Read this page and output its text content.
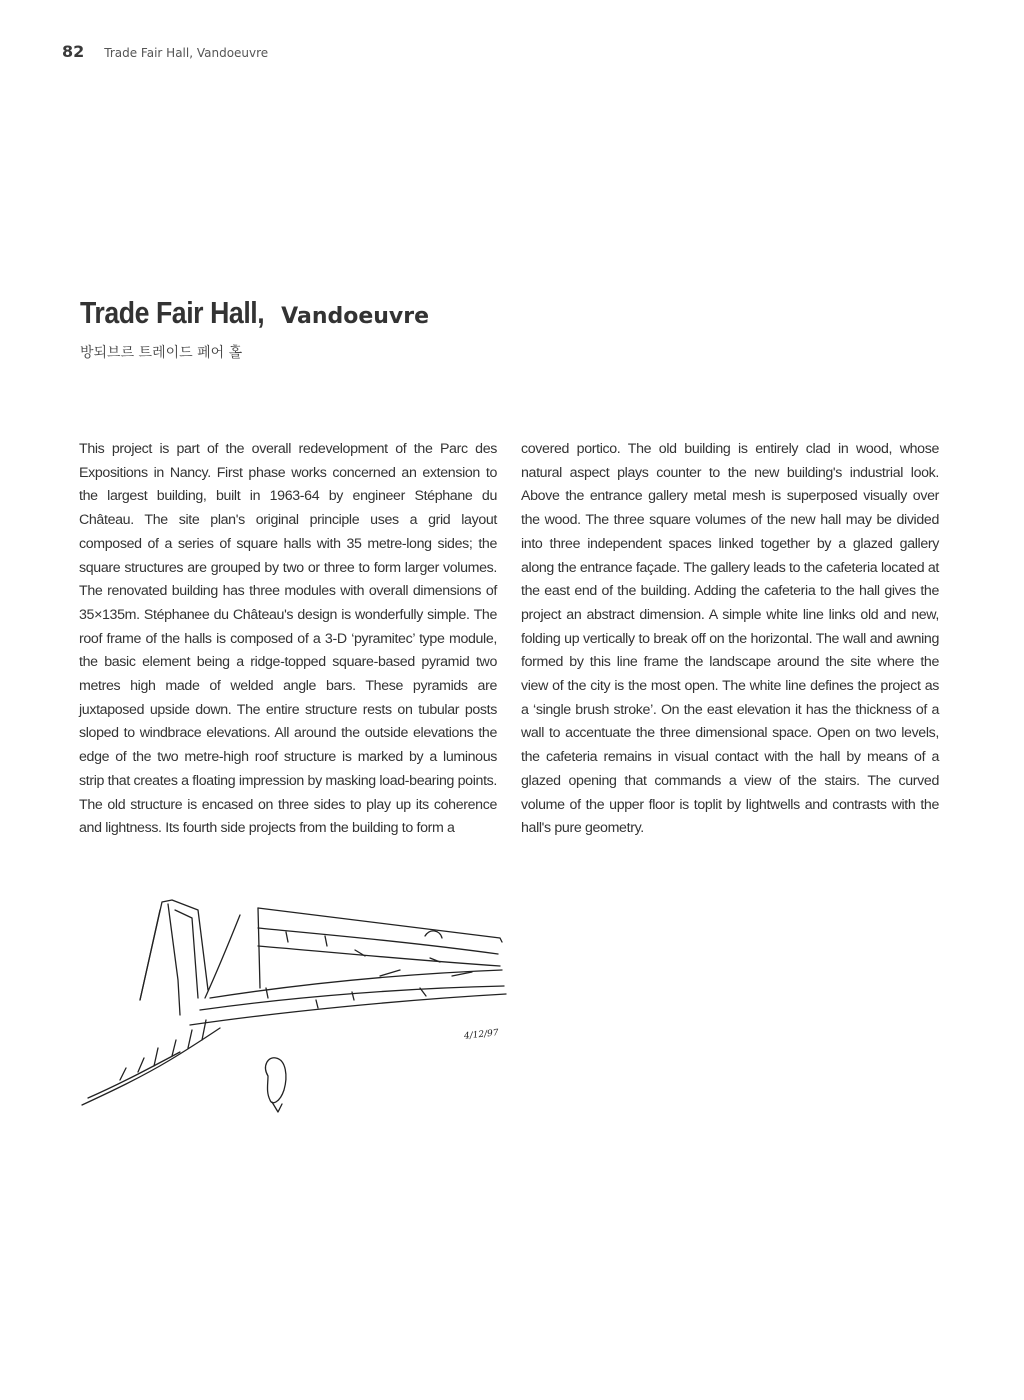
82 Trade Fair Hall, Vandoeuvre
Trade Fair Hall, Vandoeuvre
방되브르 트레이드 페어 홀

This project is part of the overall redevelopment of the Parc des Expositions in Nancy. First phase works concerned an extension to the largest building, built in 1963-64 by engineer Stéphane du Château. The site plan's original principle uses a grid layout composed of a series of square halls with 35 metre-long sides; the square structures are grouped by two or three to form larger volumes. The renovated building has three modules with overall dimensions of 35×135m. Stéphanee du Château's design is wonderfully simple. The roof frame of the halls is composed of a 3-D ‘pyramitec’ type module, the basic element being a ridge-topped square-based pyramid two metres high made of welded angle bars. These pyramids are juxtaposed upside down. The entire structure rests on tubular posts sloped to windbrace elevations. All around the outside elevations the edge of the two metre-high roof structure is marked by a luminous strip that creates a floating impression by masking load-bearing points. The old structure is encased on three sides to play up its coherence and lightness. Its fourth side projects from the building to form a

covered portico. The old building is entirely clad in wood, whose natural aspect plays counter to the new building's industrial look. Above the entrance gallery metal mesh is superposed visually over the wood. The three square volumes of the new hall may be divided into three independent spaces linked together by a glazed gallery along the entrance façade. The gallery leads to the cafeteria located at the east end of the building. Adding the cafeteria to the hall gives the project an abstract dimension. A simple white line links old and new, folding up vertically to break off on the horizontal. The wall and awning formed by this line frame the landscape around the site where the view of the city is the most open. The white line defines the project as a ‘single brush stroke’. On the east elevation it has the thickness of a wall to accentuate the three dimensional space. Open on two levels, the cafeteria remains in visual contact with the hall by means of a glazed opening that commands a view of the stairs. The curved volume of the upper floor is toplit by lightwells and contrasts with the hall's pure geometry.

4/12/97
